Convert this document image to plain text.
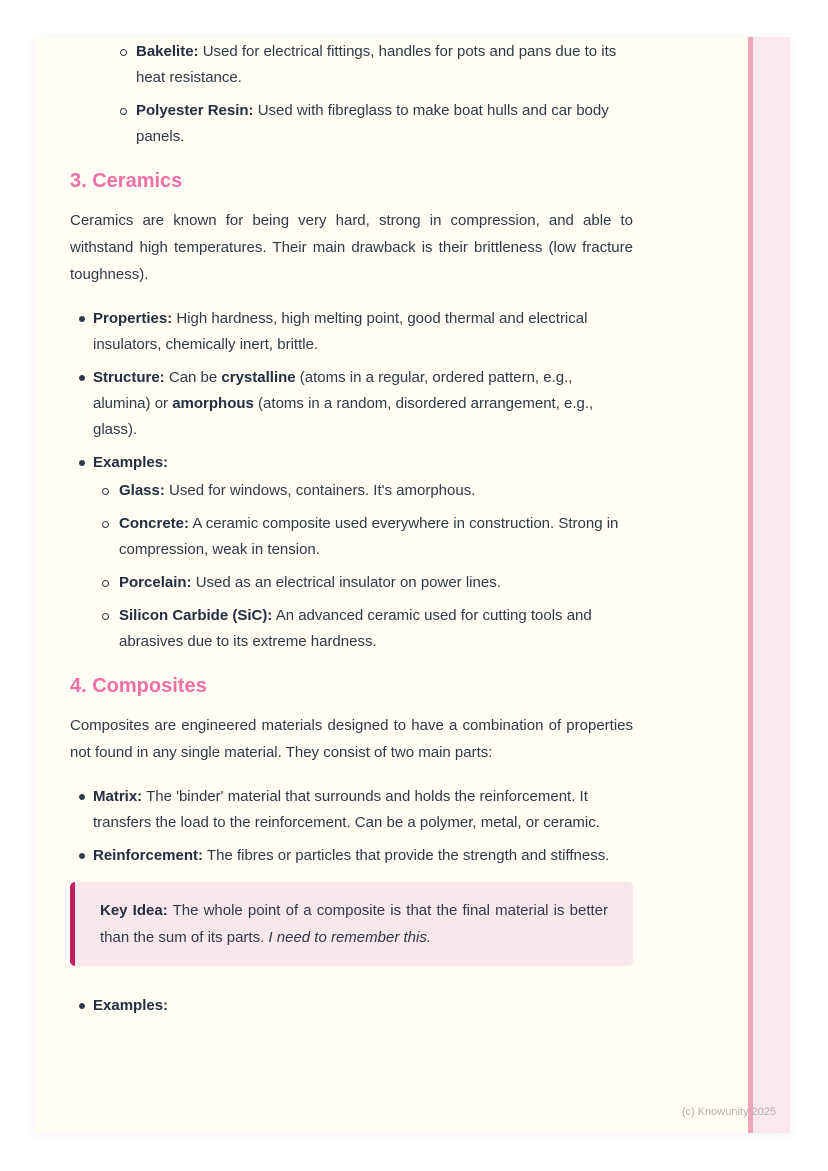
Bakelite: Used for electrical fittings, handles for pots and pans due to its heat resistance.
Polyester Resin: Used with fibreglass to make boat hulls and car body panels.
3. Ceramics

Ceramics are known for being very hard, strong in compression, and able to withstand high temperatures. Their main drawback is their brittleness (low fracture toughness).

Properties: High hardness, high melting point, good thermal and electrical insulators, chemically inert, brittle.
Structure: Can be crystalline (atoms in a regular, ordered pattern, e.g., alumina) or amorphous (atoms in a random, disordered arrangement, e.g., glass).
Examples:
Glass: Used for windows, containers. It's amorphous.
Concrete: A ceramic composite used everywhere in construction. Strong in compression, weak in tension.
Porcelain: Used as an electrical insulator on power lines.
Silicon Carbide (SiC): An advanced ceramic used for cutting tools and abrasives due to its extreme hardness.
4. Composites

Composites are engineered materials designed to have a combination of properties not found in any single material. They consist of two main parts:

Matrix: The 'binder' material that surrounds and holds the reinforcement. It transfers the load to the reinforcement. Can be a polymer, metal, or ceramic.
Reinforcement: The fibres or particles that provide the strength and stiffness.
Key Idea: The whole point of a composite is that the final material is better than the sum of its parts. I need to remember this.
Examples:
(c) Knowunity 2025
